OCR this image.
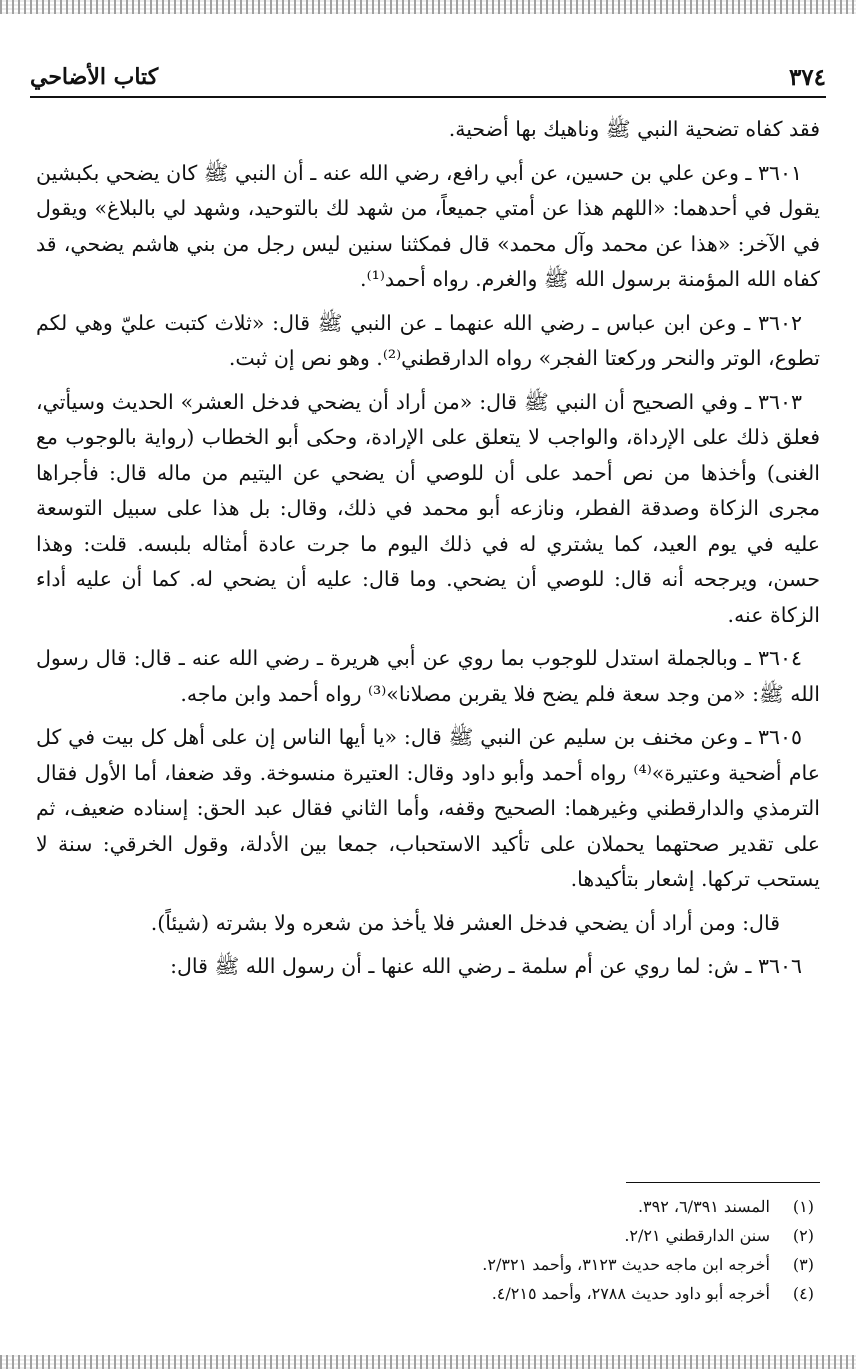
٣٧٤
كتاب الأضاحي

فقد كفاه تضحية النبي ﷺ وناهيك بها أضحية.

٣٦٠١ ـ وعن علي بن حسين، عن أبي رافع، رضي الله عنه ـ أن النبي ﷺ كان يضحي بكبشين يقول في أحدهما: «اللهم هذا عن أمتي جميعاً، من شهد لك بالتوحيد، وشهد لي بالبلاغ» ويقول في الآخر: «هذا عن محمد وآل محمد» قال فمكثنا سنين ليس رجل من بني هاشم يضحي، قد كفاه الله المؤمنة برسول الله ﷺ والغرم. رواه أحمد⁽¹⁾.

٣٦٠٢ ـ وعن ابن عباس ـ رضي الله عنهما ـ عن النبي ﷺ قال: «ثلاث كتبت عليّ وهي لكم تطوع، الوتر والنحر وركعتا الفجر» رواه الدارقطني⁽²⁾. وهو نص إن ثبت.

٣٦٠٣ ـ وفي الصحيح أن النبي ﷺ قال: «من أراد أن يضحي فدخل العشر» الحديث وسيأتي، فعلق ذلك على الإرداة، والواجب لا يتعلق على الإرادة، وحكى أبو الخطاب (رواية بالوجوب مع الغنى) وأخذها من نص أحمد على أن للوصي أن يضحي عن اليتيم من ماله قال: فأجراها مجرى الزكاة وصدقة الفطر، ونازعه أبو محمد في ذلك، وقال: بل هذا على سبيل التوسعة عليه في يوم العيد، كما يشتري له في ذلك اليوم ما جرت عادة أمثاله بلبسه. قلت: وهذا حسن، ويرجحه أنه قال: للوصي أن يضحي. وما قال: عليه أن يضحي له. كما أن عليه أداء الزكاة عنه.

٣٦٠٤ ـ وبالجملة استدل للوجوب بما روي عن أبي هريرة ـ رضي الله عنه ـ قال: قال رسول الله ﷺ: «من وجد سعة فلم يضح فلا يقربن مصلانا»⁽³⁾ رواه أحمد وابن ماجه.

٣٦٠٥ ـ وعن مخنف بن سليم عن النبي ﷺ قال: «يا أيها الناس إن على أهل كل بيت في كل عام أضحية وعتيرة»⁽⁴⁾ رواه أحمد وأبو داود وقال: العتيرة منسوخة. وقد ضعفا، أما الأول فقال الترمذي والدارقطني وغيرهما: الصحيح وقفه، وأما الثاني فقال عبد الحق: إسناده ضعيف، ثم على تقدير صحتهما يحملان على تأكيد الاستحباب، جمعا بين الأدلة، وقول الخرقي: سنة لا يستحب تركها. إشعار بتأكيدها.

قال: ومن أراد أن يضحي فدخل العشر فلا يأخذ من شعره ولا بشرته (شيئاً).

٣٦٠٦ ـ ش: لما روي عن أم سلمة ـ رضي الله عنها ـ أن رسول الله ﷺ قال:

(١)
المسند ٦/٣٩١، ٣٩٢.
(٢)
سنن الدارقطني ٢/٢١.
(٣)
أخرجه ابن ماجه حديث ٣١٢٣، وأحمد ٢/٣٢١.
(٤)
أخرجه أبو داود حديث ٢٧٨٨، وأحمد ٤/٢١٥.
